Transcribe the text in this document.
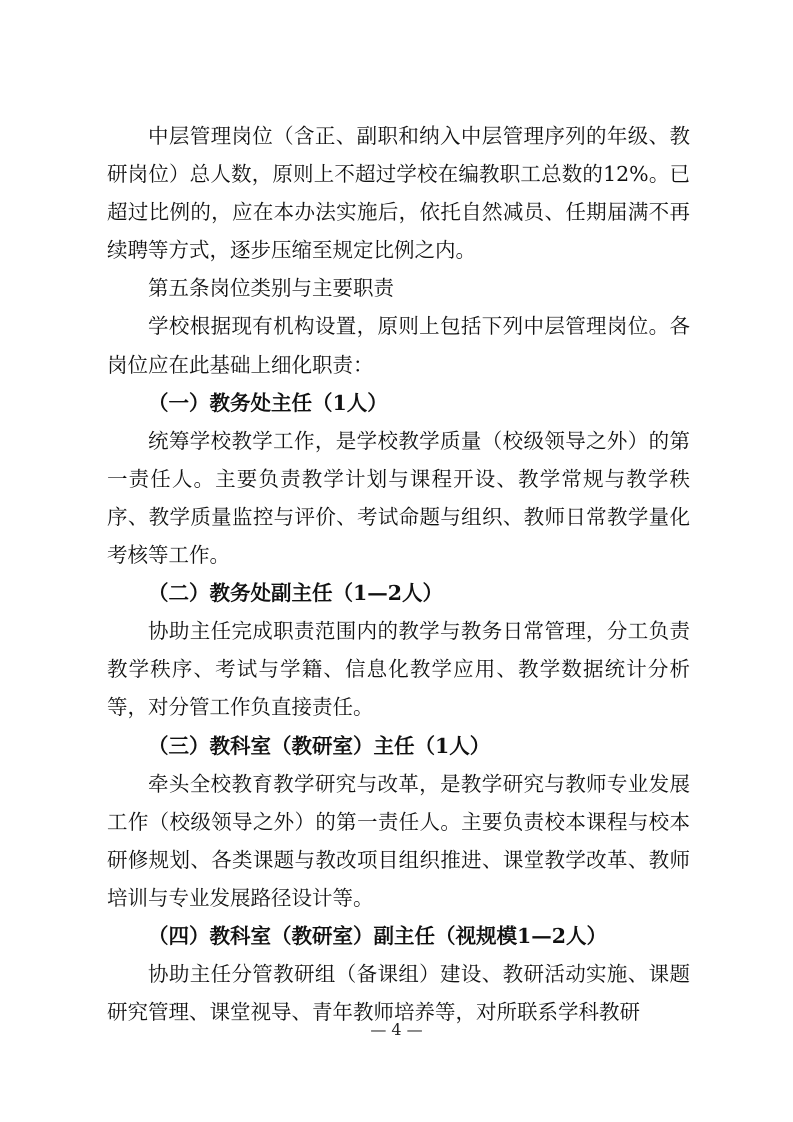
中层管理岗位（含正、副职和纳入中层管理序列的年级、教研岗位）总人数，原则上不超过学校在编教职工总数的12%。已超过比例的，应在本办法实施后，依托自然减员、任期届满不再续聘等方式，逐步压缩至规定比例之内。

第五条岗位类别与主要职责

学校根据现有机构设置，原则上包括下列中层管理岗位。各岗位应在此基础上细化职责：

（一）教务处主任（1人）

统筹学校教学工作，是学校教学质量（校级领导之外）的第一责任人。主要负责教学计划与课程开设、教学常规与教学秩序、教学质量监控与评价、考试命题与组织、教师日常教学量化考核等工作。

（二）教务处副主任（1—2人）

协助主任完成职责范围内的教学与教务日常管理，分工负责教学秩序、考试与学籍、信息化教学应用、教学数据统计分析等，对分管工作负直接责任。

（三）教科室（教研室）主任（1人）

牵头全校教育教学研究与改革，是教学研究与教师专业发展工作（校级领导之外）的第一责任人。主要负责校本课程与校本研修规划、各类课题与教改项目组织推进、课堂教学改革、教师培训与专业发展路径设计等。

（四）教科室（教研室）副主任（视规模1—2人）

协助主任分管教研组（备课组）建设、教研活动实施、课题研究管理、课堂视导、青年教师培养等，对所联系学科教研

— 4 —
